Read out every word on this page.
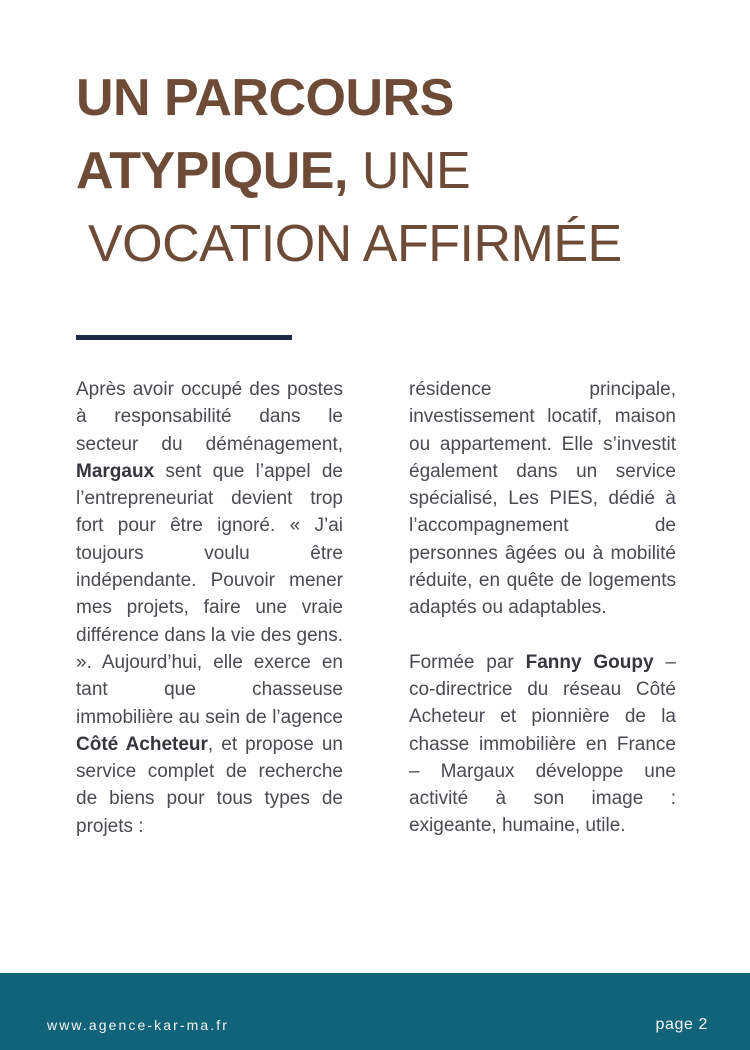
UN PARCOURS
ATYPIQUE, UNE
VOCATION AFFIRMÉE

Après avoir occupé des postes à responsabilité dans le secteur du déménagement, Margaux sent que l’appel de l’entrepreneuriat devient trop fort pour être ignoré. « J’ai toujours voulu être indépendante. Pouvoir mener mes projets, faire une vraie différence dans la vie des gens. ». Aujourd’hui, elle exerce en tant que chasseuse immobilière au sein de l’agence Côté Acheteur, et propose un service complet de recherche de biens pour tous types de projets :

résidence principale, investissement locatif, maison ou appartement. Elle s’investit également dans un service spécialisé, Les PIES, dédié à l’accompagnement de personnes âgées ou à mobilité réduite, en quête de logements adaptés ou adaptables.

Formée par Fanny Goupy – co-directrice du réseau Côté Acheteur et pionnière de la chasse immobilière en France – Margaux développe une activité à son image : exigeante, humaine, utile.

www.agence-kar-ma.fr	page 2
